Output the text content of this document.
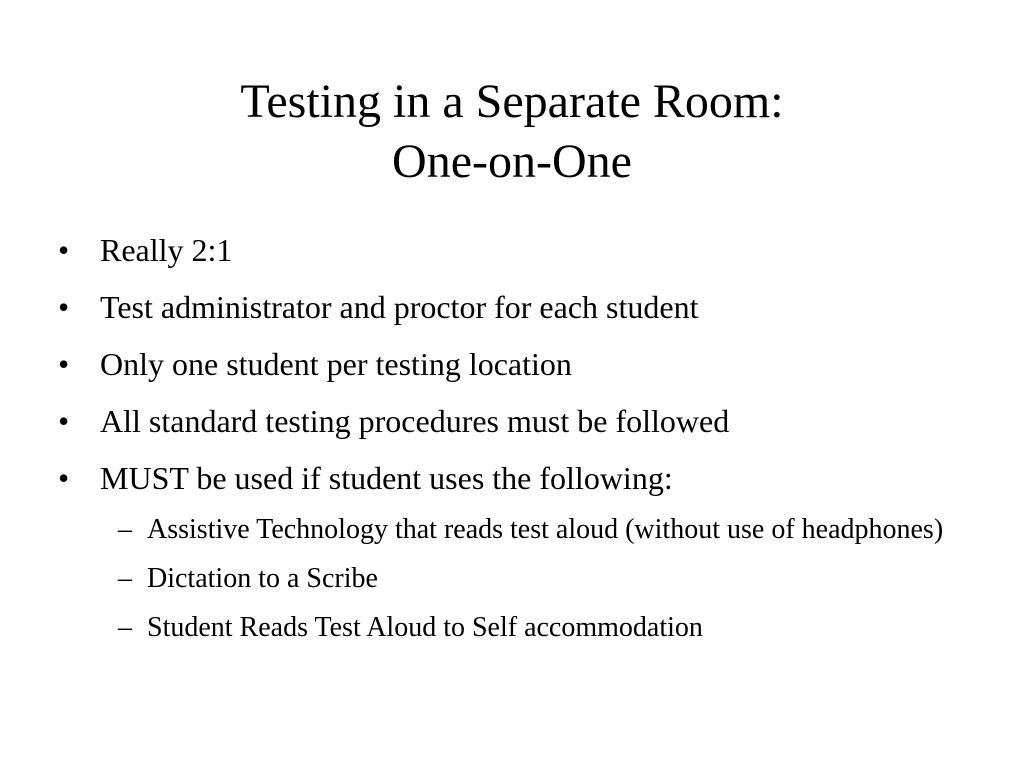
Testing in a Separate Room:
One-on-One
• Really 2:1
• Test administrator and proctor for each student
• Only one student per testing location
• All standard testing procedures must be followed
• MUST be used if student uses the following:
– Assistive Technology that reads test aloud (without use of headphones)
– Dictation to a Scribe
– Student Reads Test Aloud to Self accommodation
